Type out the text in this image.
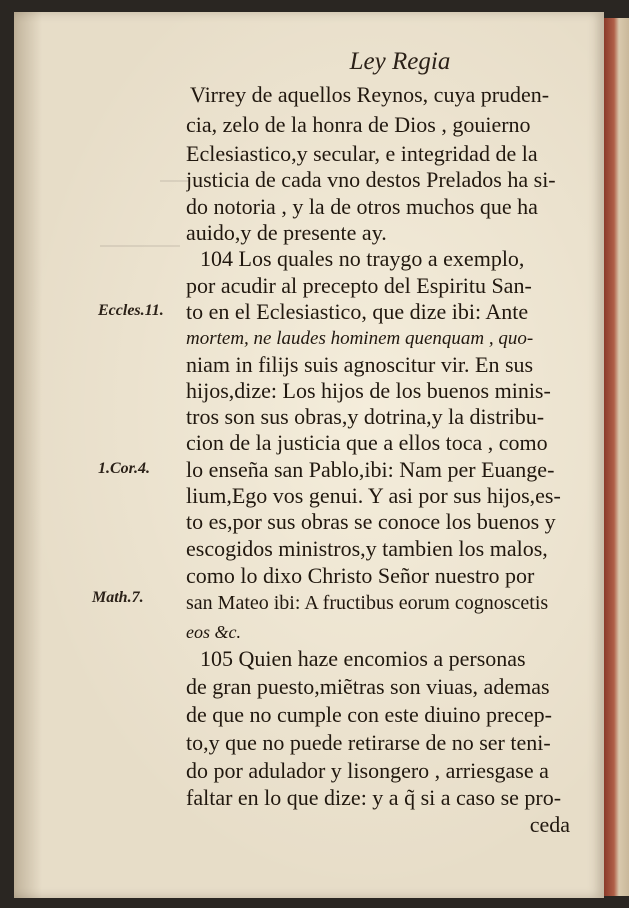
Ley Regia
Eccles.11.
1.Cor.4.
Math.7.
Virrey de aquellos Reynos, cuya pruden-
cia, zelo de la honra de Dios , gouierno
Eclesiastico,y secular, e integridad de la
justicia de cada vno destos Prelados ha si-
do notoria , y la de otros muchos que ha
auido,y de presente ay.
104 Los quales no traygo a exemplo,
por acudir al precepto del Espiritu San-
to en el Eclesiastico, que dize ibi: Ante
mortem, ne laudes hominem quenquam , quo-
niam in filijs suis agnoscitur vir. En sus
hijos,dize: Los hijos de los buenos minis-
tros son sus obras,y dotrina,y la distribu-
cion de la justicia que a ellos toca , como
lo enseña san Pablo,ibi: Nam per Euange-
lium,Ego vos genui. Y asi por sus hijos,es-
to es,por sus obras se conoce los buenos y
escogidos ministros,y tambien los malos,
como lo dixo Christo Señor nuestro por
san Mateo ibi: A fructibus eorum cognoscetis
eos &c.
105 Quien haze encomios a personas
de gran puesto,miẽtras son viuas, ademas
de que no cumple con este diuino precep-
to,y que no puede retirarse de no ser teni-
do por adulador y lisongero , arriesgase a
faltar en lo que dize: y a q̃ si a caso se pro-
ceda
